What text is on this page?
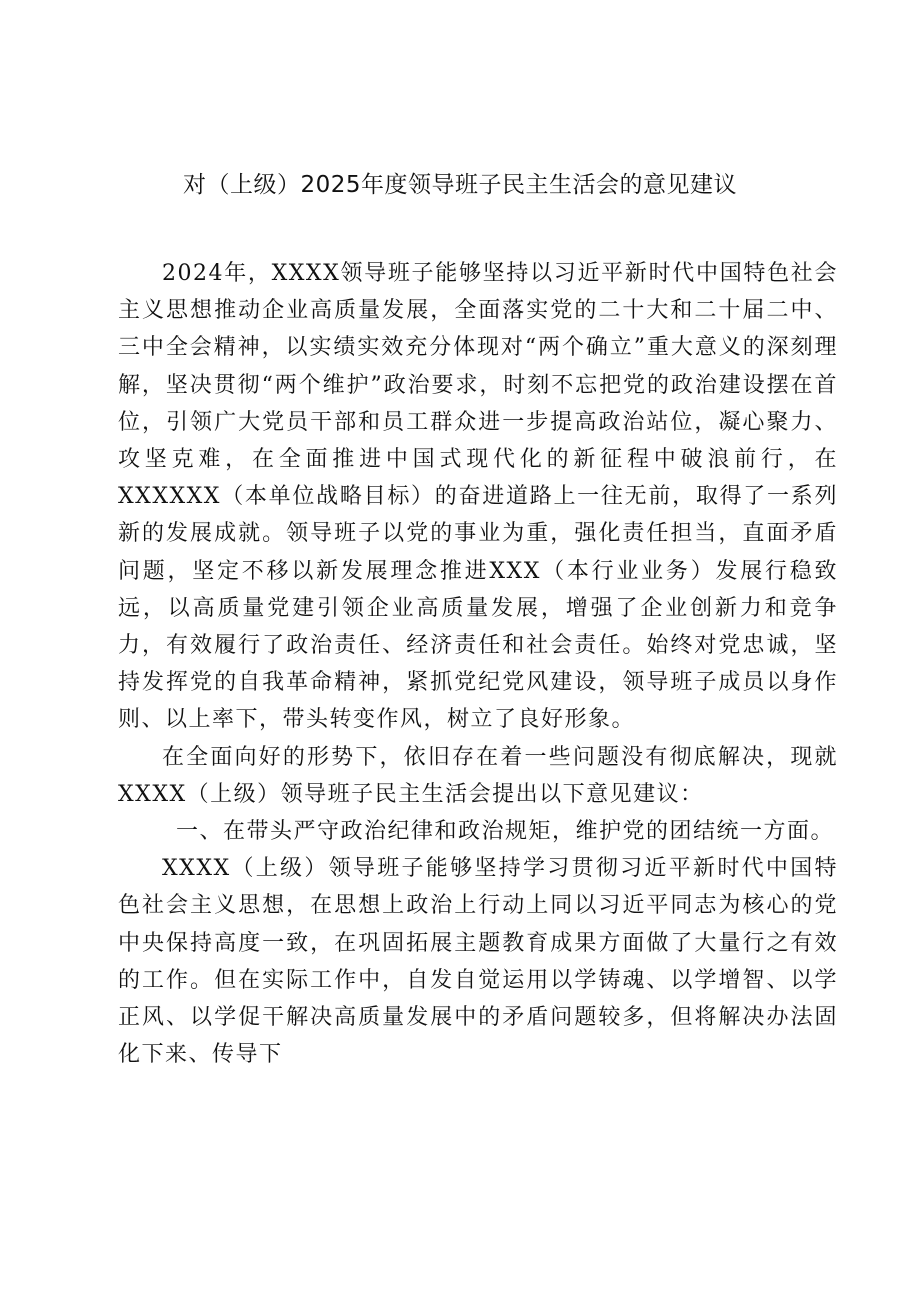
对（上级）2025年度领导班子民主生活会的意见建议

2024年，XXXX领导班子能够坚持以习近平新时代中国特色社会主义思想推动企业高质量发展，全面落实党的二十大和二十届二中、三中全会精神，以实绩实效充分体现对“两个确立”重大意义的深刻理解，坚决贯彻“两个维护”政治要求，时刻不忘把党的政治建设摆在首位，引领广大党员干部和员工群众进一步提高政治站位，凝心聚力、攻坚克难，在全面推进中国式现代化的新征程中破浪前行，在XXXXXX（本单位战略目标）的奋进道路上一往无前，取得了一系列新的发展成就。领导班子以党的事业为重，强化责任担当，直面矛盾问题，坚定不移以新发展理念推进XXX（本行业业务）发展行稳致远，以高质量党建引领企业高质量发展，增强了企业创新力和竞争力，有效履行了政治责任、经济责任和社会责任。始终对党忠诚，坚持发挥党的自我革命精神，紧抓党纪党风建设，领导班子成员以身作则、以上率下，带头转变作风，树立了良好形象。

在全面向好的形势下，依旧存在着一些问题没有彻底解决，现就XXXX（上级）领导班子民主生活会提出以下意见建议：

一、在带头严守政治纪律和政治规矩，维护党的团结统一方面。

XXXX（上级）领导班子能够坚持学习贯彻习近平新时代中国特色社会主义思想，在思想上政治上行动上同以习近平同志为核心的党中央保持高度一致，在巩固拓展主题教育成果方面做了大量行之有效的工作。但在实际工作中，自发自觉运用以学铸魂、以学增智、以学正风、以学促干解决高质量发展中的矛盾问题较多，但将解决办法固化下来、传导下
